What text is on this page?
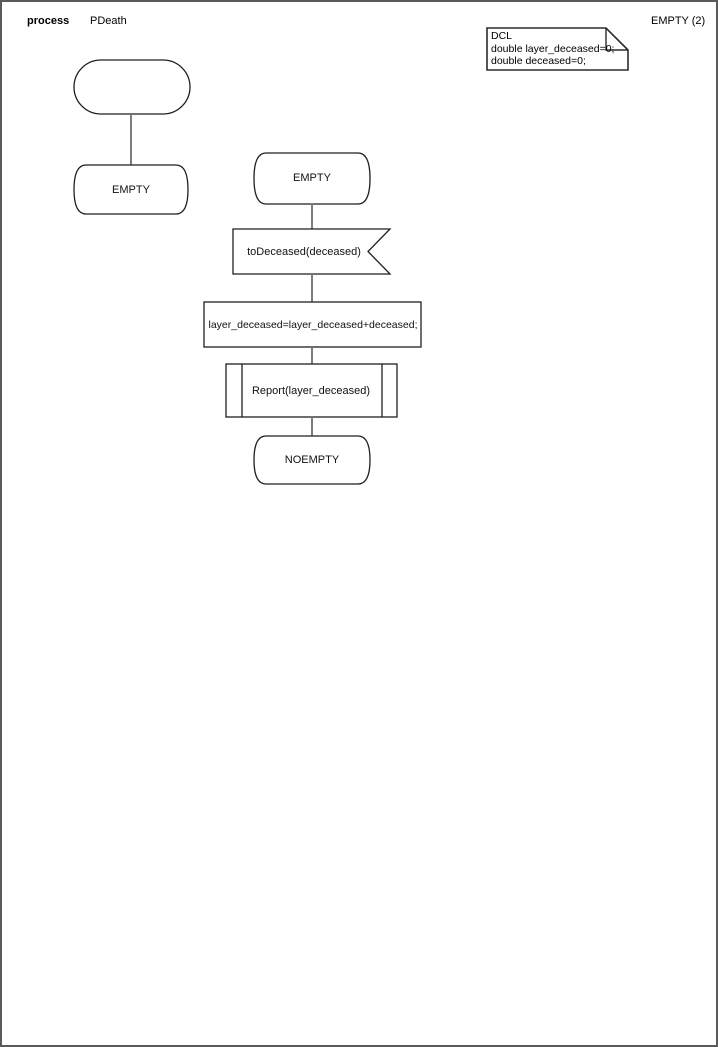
process PDeath	EMPTY (2)
DCL
double layer_deceased=0;
double deceased=0;
EMPTY
EMPTY
toDeceased(deceased)
layer_deceased=layer_deceased+deceased;
Report(layer_deceased)
NOEMPTY
